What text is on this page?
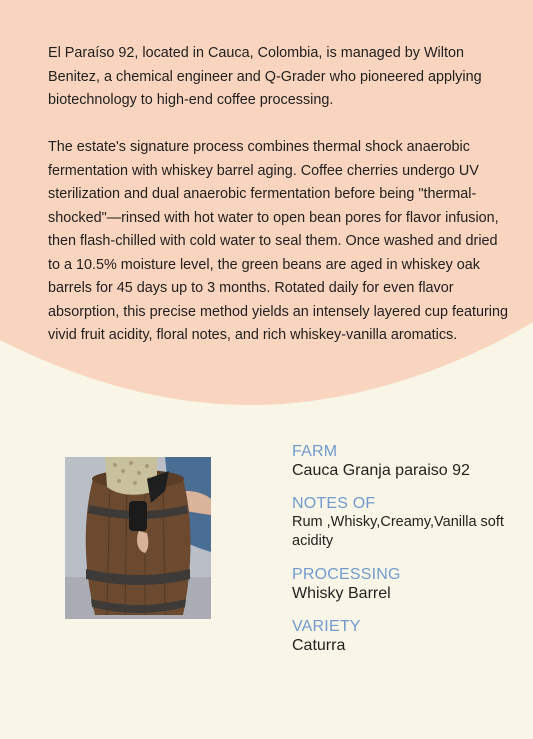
El Paraíso 92, located in Cauca, Colombia, is managed by Wilton Benitez, a chemical engineer and Q-Grader who pioneered applying biotechnology to high-end coffee processing.

The estate's signature process combines thermal shock anaerobic fermentation with whiskey barrel aging. Coffee cherries undergo UV sterilization and dual anaerobic fermentation before being "thermal-shocked"—rinsed with hot water to open bean pores for flavor infusion, then flash-chilled with cold water to seal them. Once washed and dried to a 10.5% moisture level, the green beans are aged in whiskey oak barrels for 45 days up to 3 months. Rotated daily for even flavor absorption, this precise method yields an intensely layered cup featuring vivid fruit acidity, floral notes, and rich whiskey-vanilla aromatics.

FARM
Cauca Granja paraiso 92
NOTES OF
Rum ,Whisky,Creamy,Vanilla soft acidity
PROCESSING
Whisky Barrel
VARIETY
Caturra
